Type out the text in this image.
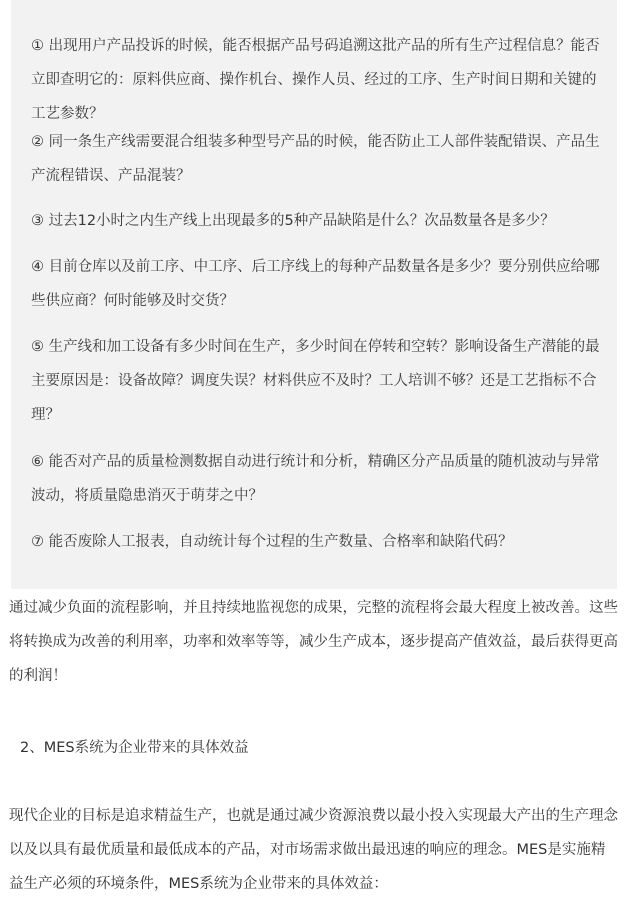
① 出现用户产品投诉的时候，能否根据产品号码追溯这批产品的所有生产过程信息？能否立即查明它的：原料供应商、操作机台、操作人员、经过的工序、生产时间日期和关键的工艺参数？

② 同一条生产线需要混合组装多种型号产品的时候，能否防止工人部件装配错误、产品生产流程错误、产品混装？

③ 过去12小时之内生产线上出现最多的5种产品缺陷是什么？次品数量各是多少？

④ 目前仓库以及前工序、中工序、后工序线上的每种产品数量各是多少？要分别供应给哪些供应商？何时能够及时交货？

⑤ 生产线和加工设备有多少时间在生产，多少时间在停转和空转？影响设备生产潜能的最主要原因是：设备故障？调度失误？材料供应不及时？工人培训不够？还是工艺指标不合理？

⑥ 能否对产品的质量检测数据自动进行统计和分析，精确区分产品质量的随机波动与异常波动，将质量隐患消灭于萌芽之中？

⑦ 能否废除人工报表，自动统计每个过程的生产数量、合格率和缺陷代码？

通过减少负面的流程影响，并且持续地监视您的成果，完整的流程将会最大程度上被改善。这些将转换成为改善的利用率，功率和效率等等，减少生产成本，逐步提高产值效益，最后获得更高的利润！

2、MES系统为企业带来的具体效益

现代企业的目标是追求精益生产，也就是通过减少资源浪费以最小投入实现最大产出的生产理念以及以具有最优质量和最低成本的产品，对市场需求做出最迅速的响应的理念。MES是实施精益生产必须的环境条件，MES系统为企业带来的具体效益：
